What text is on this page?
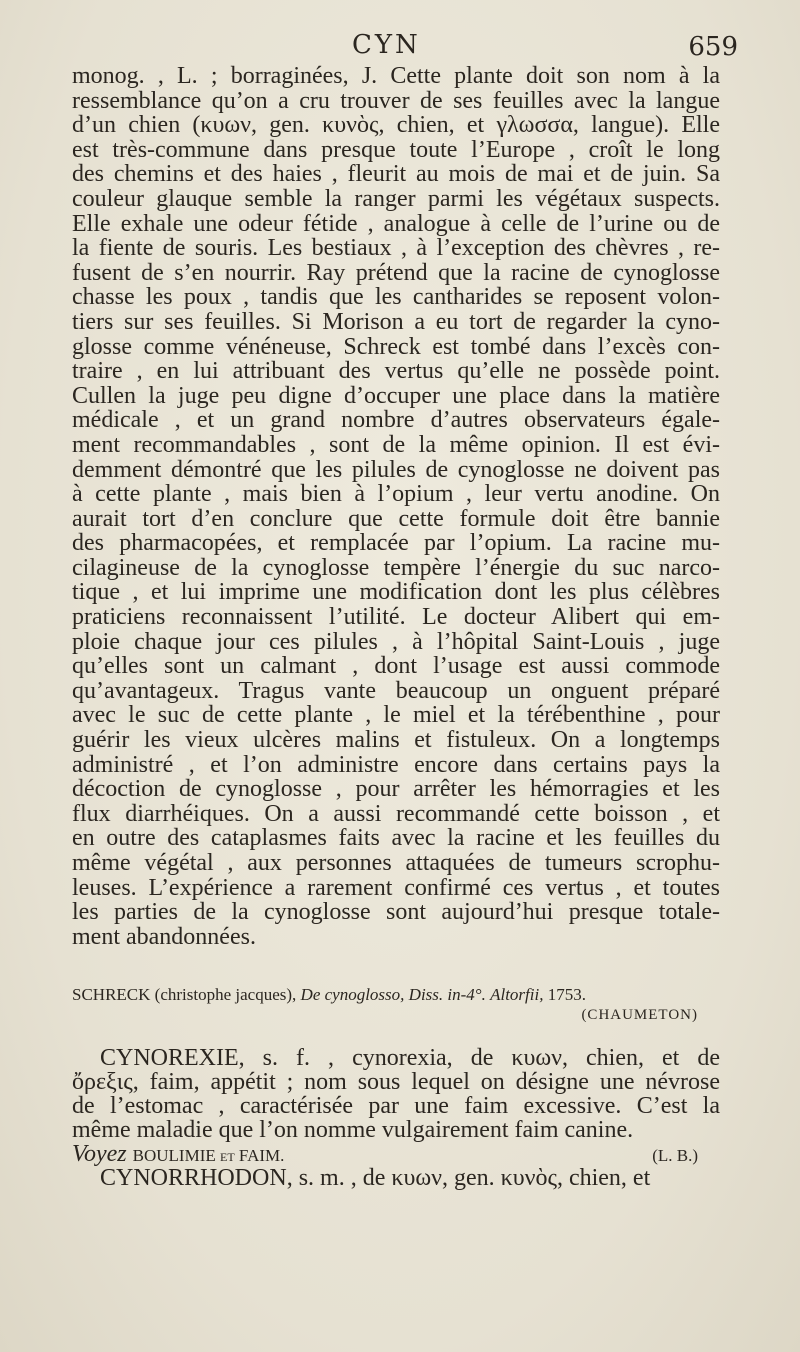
CYN	659
monog. , L. ; borraginées, J. Cette plante doit son nom à la
ressemblance qu’on a cru trouver de ses feuilles avec la langue
d’un chien (κυων, gen. κυνὸς, chien, et γλωσσα, langue). Elle
est très-commune dans presque toute l’Europe , croît le long
des chemins et des haies , fleurit au mois de mai et de juin. Sa
couleur glauque semble la ranger parmi les végétaux suspects.
Elle exhale une odeur fétide , analogue à celle de l’urine ou de
la fiente de souris. Les bestiaux , à l’exception des chèvres , re-
fusent de s’en nourrir. Ray prétend que la racine de cynoglosse
chasse les poux , tandis que les cantharides se reposent volon-
tiers sur ses feuilles. Si Morison a eu tort de regarder la cyno-
glosse comme vénéneuse, Schreck est tombé dans l’excès con-
traire , en lui attribuant des vertus qu’elle ne possède point.
Cullen la juge peu digne d’occuper une place dans la matière
médicale , et un grand nombre d’autres observateurs égale-
ment recommandables , sont de la même opinion. Il est évi-
demment démontré que les pilules de cynoglosse ne doivent pas
à cette plante , mais bien à l’opium , leur vertu anodine. On
aurait tort d’en conclure que cette formule doit être bannie
des pharmacopées, et remplacée par l’opium. La racine mu-
cilagineuse de la cynoglosse tempère l’énergie du suc narco-
tique , et lui imprime une modification dont les plus célèbres
praticiens reconnaissent l’utilité. Le docteur Alibert qui em-
ploie chaque jour ces pilules , à l’hôpital Saint-Louis , juge
qu’elles sont un calmant , dont l’usage est aussi commode
qu’avantageux. Tragus vante beaucoup un onguent préparé
avec le suc de cette plante , le miel et la térébenthine , pour
guérir les vieux ulcères malins et fistuleux. On a longtemps
administré , et l’on administre encore dans certains pays la
décoction de cynoglosse , pour arrêter les hémorragies et les
flux diarrhéiques. On a aussi recommandé cette boisson , et
en outre des cataplasmes faits avec la racine et les feuilles du
même végétal , aux personnes attaquées de tumeurs scrophu-
leuses. L’expérience a rarement confirmé ces vertus , et toutes
les parties de la cynoglosse sont aujourd’hui presque totale-
ment abandonnées.
SCHRECK (christophe jacques), De cynoglosso, Diss. in-4°. Altorfii, 1753.
(CHAUMETON)
CYNOREXIE, s. f. , cynorexia, de κυων, chien, et de
ὄρεξις, faim, appétit ; nom sous lequel on désigne une névrose
de l’estomac , caractérisée par une faim excessive. C’est la
même maladie que l’on nomme vulgairement faim canine.
Voyez BOULIMIE et FAIM.	(L. B.)
CYNORRHODON, s. m. , de κυων, gen. κυνὸς, chien, et
